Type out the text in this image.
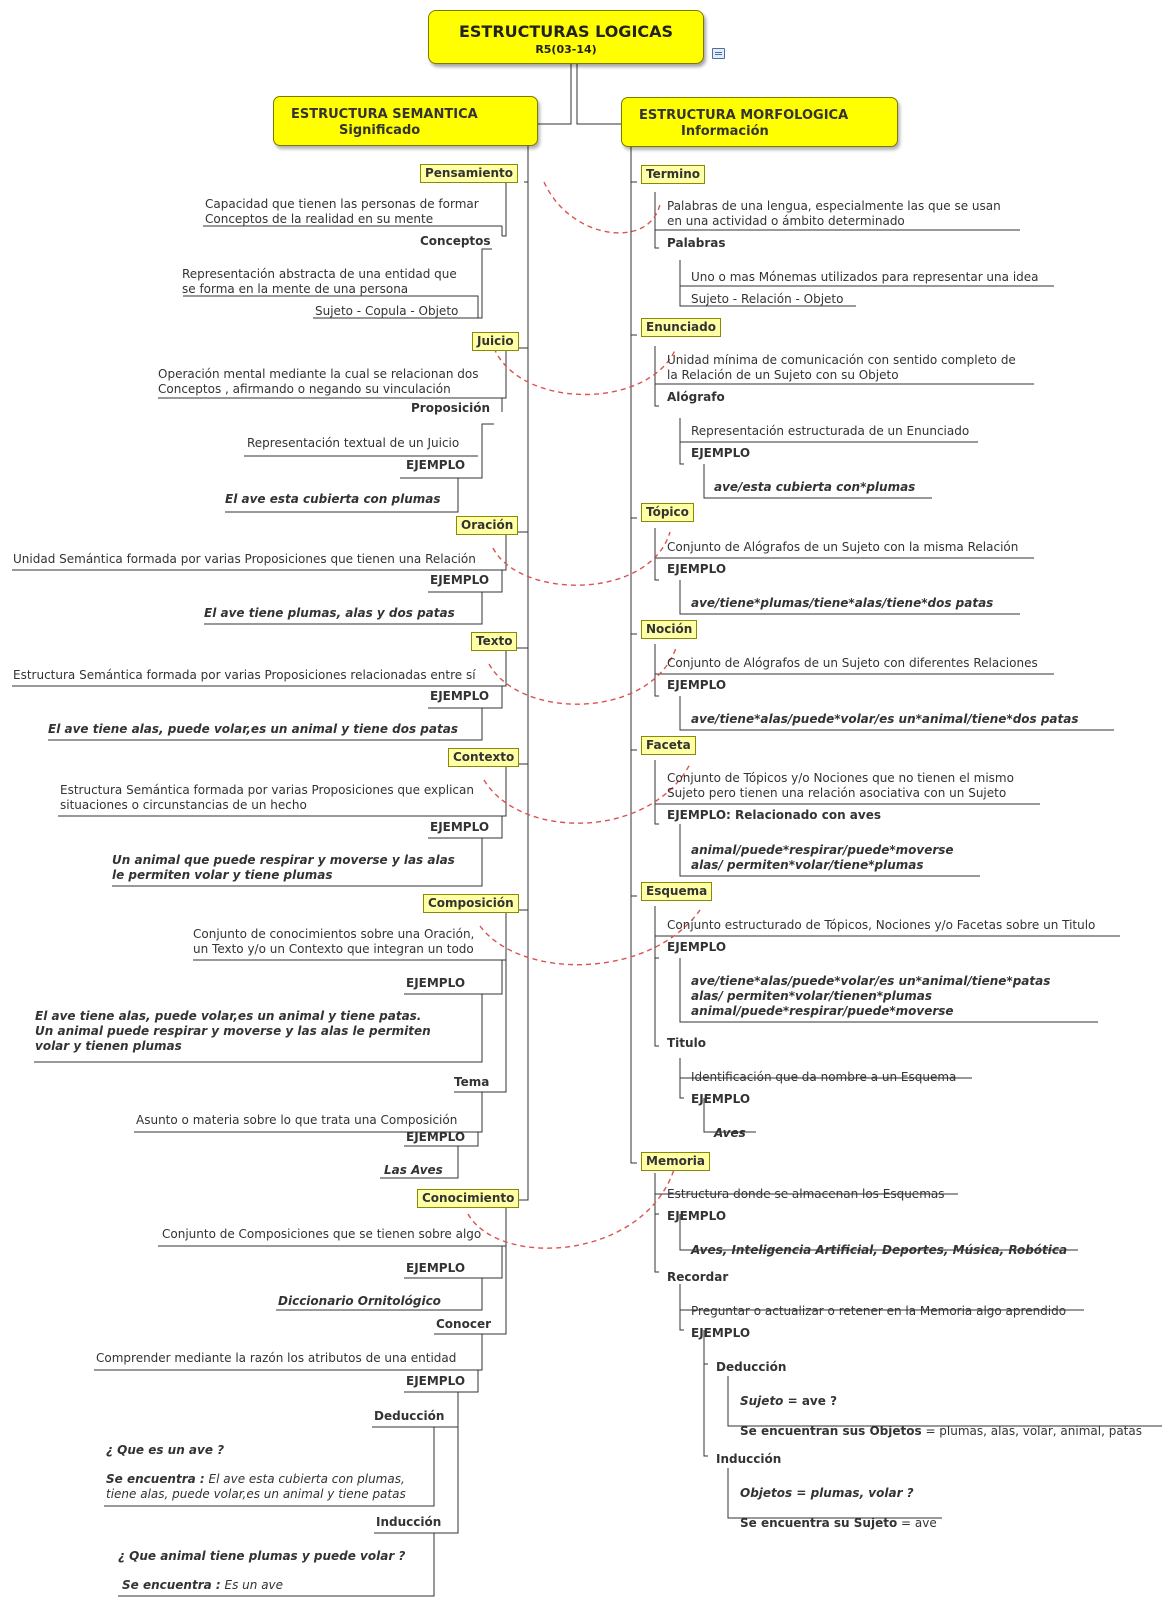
ESTRUCTURAS LOGICAS
R5(03-14)
ESTRUCTURA SEMANTICA
Significado
ESTRUCTURA MORFOLOGICA
Información
Pensamiento
Capacidad que tienen las personas de formar
Conceptos de la realidad en su mente
Conceptos
Representación abstracta de una entidad que
se forma en la mente de una persona
Sujeto - Copula - Objeto
Juicio
Operación mental mediante la cual se relacionan dos
Conceptos , afirmando o negando su vinculación
Proposición
Representación textual de un Juicio
EJEMPLO
El ave esta cubierta con plumas
Oración
Unidad Semántica formada por varias Proposiciones que tienen una Relación
EJEMPLO
El ave tiene plumas, alas y dos patas
Texto
Estructura Semántica formada por varias Proposiciones relacionadas entre sí
EJEMPLO
El ave tiene alas, puede volar,es un animal y tiene dos patas
Contexto
Estructura Semántica formada por varias Proposiciones que explican
situaciones o circunstancias de un hecho
EJEMPLO
Un animal que puede respirar y moverse y las alas
le permiten volar y tiene plumas
Composición
Conjunto de conocimientos sobre una Oración,
un Texto y/o un Contexto que integran un todo
EJEMPLO
El ave tiene alas, puede volar,es un animal y tiene patas.
Un animal puede respirar y moverse y las alas le permiten
volar y tienen plumas
Tema
Asunto o materia sobre lo que trata una Composición
EJEMPLO
Las Aves
Conocimiento
Conjunto de Composiciones que se tienen sobre algo
EJEMPLO
Diccionario Ornitológico
Conocer
Comprender mediante la razón los atributos de una entidad
EJEMPLO
Deducción
¿ Que es un ave ?
Se encuentra : El ave esta cubierta con plumas,
tiene alas, puede volar,es un animal y tiene patas
Inducción
¿ Que animal tiene plumas y puede volar ?
Se encuentra : Es un ave
Termino
Palabras de una lengua, especialmente las que se usan
en una actividad o ámbito determinado
Palabras
Uno o mas Mónemas utilizados para representar una idea
Sujeto - Relación - Objeto
Enunciado
Unidad mínima de comunicación con sentido completo de
la Relación de un Sujeto con su Objeto
Alógrafo
Representación estructurada de un Enunciado
EJEMPLO
ave/esta cubierta con*plumas
Tópico
Conjunto de Alógrafos de un Sujeto con la misma Relación
EJEMPLO
ave/tiene*plumas/tiene*alas/tiene*dos patas
Noción
Conjunto de Alógrafos de un Sujeto con diferentes Relaciones
EJEMPLO
ave/tiene*alas/puede*volar/es un*animal/tiene*dos patas
Faceta
Conjunto de Tópicos y/o Nociones que no tienen el mismo
Sujeto pero tienen una relación asociativa con un Sujeto
EJEMPLO: Relacionado con aves
animal/puede*respirar/puede*moverse
alas/ permiten*volar/tiene*plumas
Esquema
Conjunto estructurado de Tópicos, Nociones y/o Facetas sobre un Titulo
EJEMPLO
ave/tiene*alas/puede*volar/es un*animal/tiene*patas
alas/ permiten*volar/tienen*plumas
animal/puede*respirar/puede*moverse
Titulo
Identificación que da nombre a un Esquema
EJEMPLO
Aves
Memoria
Estructura donde se almacenan los Esquemas
EJEMPLO
Aves, Inteligencia Artificial, Deportes, Música, Robótica
Recordar
Preguntar o actualizar o retener en la Memoria algo aprendido
EJEMPLO
Deducción
Sujeto = ave ?
Se encuentran sus Objetos = plumas, alas, volar, animal, patas
Inducción
Objetos = plumas, volar ?
Se encuentra su Sujeto = ave
